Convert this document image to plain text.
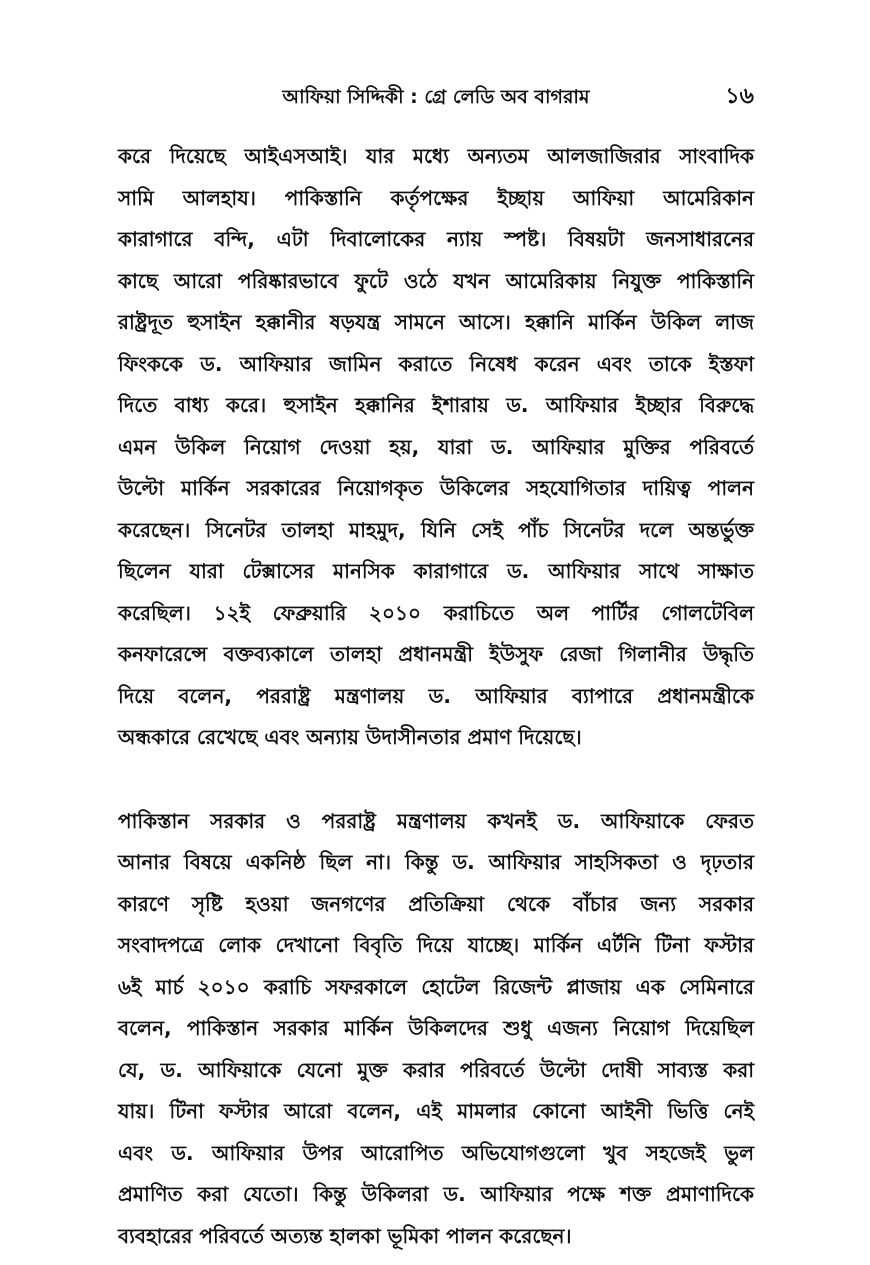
আফিয়া সিদ্দিকী : গ্রে লেডি অব বাগরাম	১৬

করে দিয়েছে আইএসআই। যার মধ্যে অন্যতম আলজাজিরার সাংবাদিক
সামি আলহায। পাকিস্তানি কর্তৃপক্ষের ইচ্ছায় আফিয়া আমেরিকান
কারাগারে বন্দি, এটা দিবালোকের ন্যায় স্পষ্ট। বিষয়টা জনসাধারনের
কাছে আরো পরিষ্কারভাবে ফুটে ওঠে যখন আমেরিকায় নিযুক্ত পাকিস্তানি
রাষ্ট্রদূত হুসাইন হক্কানীর ষড়যন্ত্র সামনে আসে। হক্কানি মার্কিন উকিল লাজ
ফিংককে ড. আফিয়ার জামিন করাতে নিষেধ করেন এবং তাকে ইস্তফা
দিতে বাধ্য করে। হুসাইন হক্কানির ইশারায় ড. আফিয়ার ইচ্ছার বিরুদ্ধে
এমন উকিল নিয়োগ দেওয়া হয়, যারা ড. আফিয়ার মুক্তির পরিবর্তে
উল্টো মার্কিন সরকারের নিয়োগকৃত উকিলের সহযোগিতার দায়িত্ব পালন
করেছেন। সিনেটর তালহা মাহমুদ, যিনি সেই পাঁচ সিনেটর দলে অন্তর্ভুক্ত
ছিলেন যারা টেক্সাসের মানসিক কারাগারে ড. আফিয়ার সাথে সাক্ষাত
করেছিল। ১২ই ফেব্রুয়ারি ২০১০ করাচিতে অল পার্টির গোলটেবিল
কনফারেন্সে বক্তব্যকালে তালহা প্রধানমন্ত্রী ইউসুফ রেজা গিলানীর উদ্ধৃতি
দিয়ে বলেন, পররাষ্ট্র মন্ত্রণালয় ড. আফিয়ার ব্যাপারে প্রধানমন্ত্রীকে
অন্ধকারে রেখেছে এবং অন্যায় উদাসীনতার প্রমাণ দিয়েছে।

পাকিস্তান সরকার ও পররাষ্ট্র মন্ত্রণালয় কখনই ড. আফিয়াকে ফেরত
আনার বিষয়ে একনিষ্ঠ ছিল না। কিন্তু ড. আফিয়ার সাহসিকতা ও দৃঢ়তার
কারণে সৃষ্টি হওয়া জনগণের প্রতিক্রিয়া থেকে বাঁচার জন্য সরকার
সংবাদপত্রে লোক দেখানো বিবৃতি দিয়ে যাচ্ছে। মার্কিন এর্টনি টিনা ফস্টার
৬ই মার্চ ২০১০ করাচি সফরকালে হোটেল রিজেন্ট প্লাজায় এক সেমিনারে
বলেন, পাকিস্তান সরকার মার্কিন উকিলদের শুধু এজন্য নিয়োগ দিয়েছিল
যে, ড. আফিয়াকে যেনো মুক্ত করার পরিবর্তে উল্টো দোষী সাব্যস্ত করা
যায়। টিনা ফস্টার আরো বলেন, এই মামলার কোনো আইনী ভিত্তি নেই
এবং ড. আফিয়ার উপর আরোপিত অভিযোগগুলো খুব সহজেই ভুল
প্রমাণিত করা যেতো। কিন্তু উকিলরা ড. আফিয়ার পক্ষে শক্ত প্রমাণাদিকে
ব্যবহারের পরিবর্তে অত্যন্ত হালকা ভূমিকা পালন করেছেন।
